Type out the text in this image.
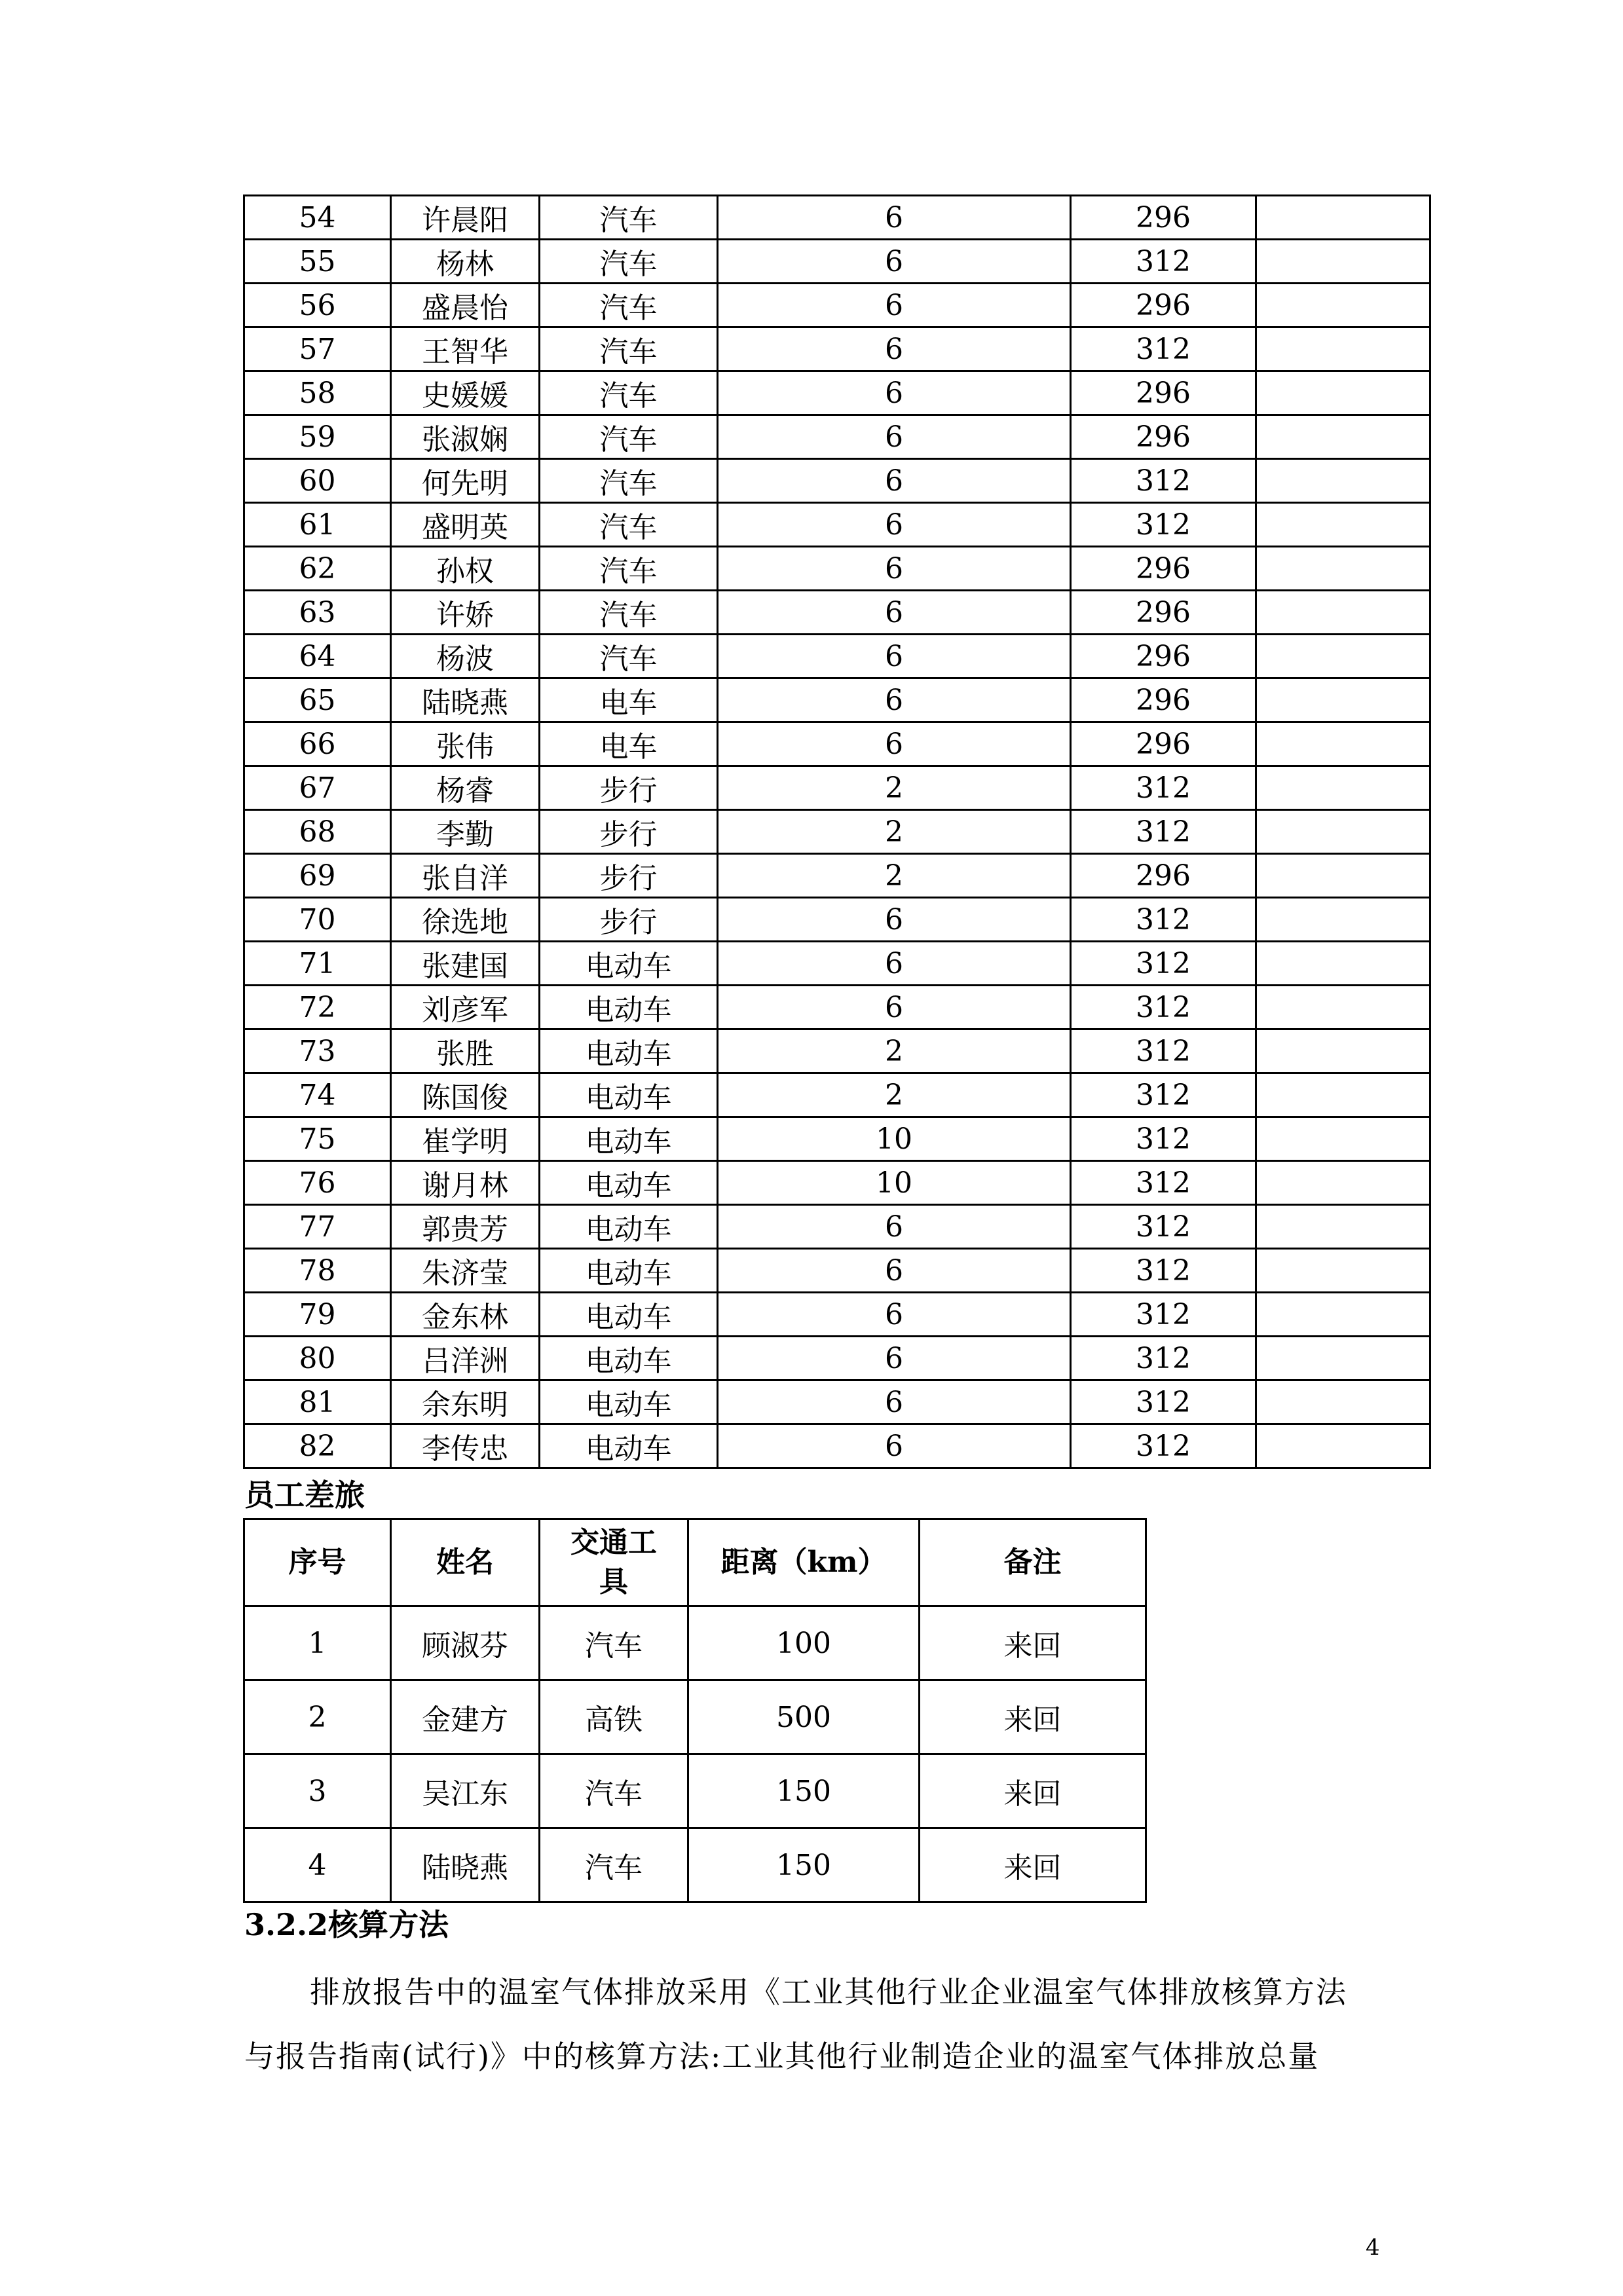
54	许晨阳	汽车	6	296	
55	杨林	汽车	6	312	
56	盛晨怡	汽车	6	296	
57	王智华	汽车	6	312	
58	史媛媛	汽车	6	296	
59	张淑娴	汽车	6	296	
60	何先明	汽车	6	312	
61	盛明英	汽车	6	312	
62	孙权	汽车	6	296	
63	许娇	汽车	6	296	
64	杨波	汽车	6	296	
65	陆晓燕	电车	6	296	
66	张伟	电车	6	296	
67	杨睿	步行	2	312	
68	李勤	步行	2	312	
69	张自洋	步行	2	296	
70	徐选地	步行	6	312	
71	张建国	电动车	6	312	
72	刘彦军	电动车	6	312	
73	张胜	电动车	2	312	
74	陈国俊	电动车	2	312	
75	崔学明	电动车	10	312	
76	谢月林	电动车	10	312	
77	郭贵芳	电动车	6	312	
78	朱济莹	电动车	6	312	
79	金东林	电动车	6	312	
80	吕洋洲	电动车	6	312	
81	余东明	电动车	6	312	
82	李传忠	电动车	6	312	

员工差旅

序号	姓名	交通工具	距离（km）	备注
1	顾淑芬	汽车	100	来回
2	金建方	高铁	500	来回
3	吴江东	汽车	150	来回
4	陆晓燕	汽车	150	来回

3.2.2核算方法

排放报告中的温室气体排放采用《工业其他行业企业温室气体排放核算方法

与报告指南(试行)》中的核算方法:工业其他行业制造企业的温室气体排放总量

4
